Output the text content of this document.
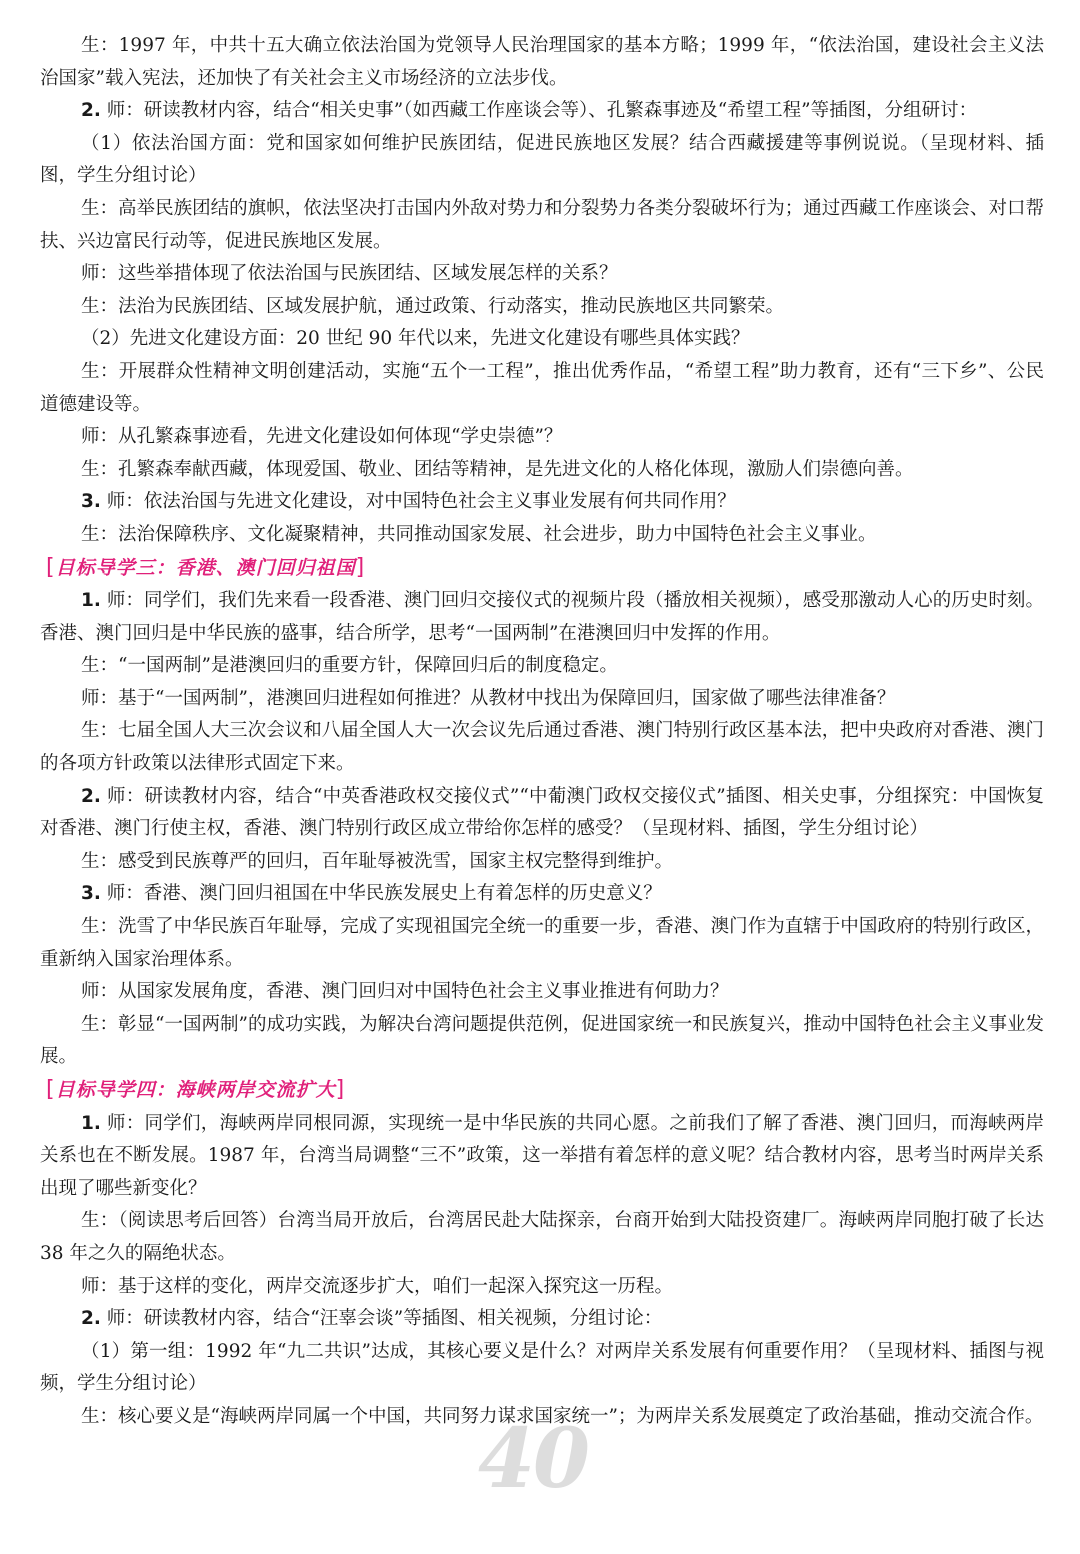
生：1997 年，中共十五大确立依法治国为党领导人民治理国家的基本方略；1999 年，“依法治国，建设社会主义法治国家”载入宪法，还加快了有关社会主义市场经济的立法步伐。

2. 师：研读教材内容，结合“相关史事”（如西藏工作座谈会等）、孔繁森事迹及“希望工程”等插图，分组研讨：

（1）依法治国方面：党和国家如何维护民族团结，促进民族地区发展？结合西藏援建等事例说说。（呈现材料、插图，学生分组讨论）

生：高举民族团结的旗帜，依法坚决打击国内外敌对势力和分裂势力各类分裂破坏行为；通过西藏工作座谈会、对口帮扶、兴边富民行动等，促进民族地区发展。

师：这些举措体现了依法治国与民族团结、区域发展怎样的关系？

生：法治为民族团结、区域发展护航，通过政策、行动落实，推动民族地区共同繁荣。

（2）先进文化建设方面：20 世纪 90 年代以来，先进文化建设有哪些具体实践？

生：开展群众性精神文明创建活动，实施“五个一工程”，推出优秀作品，“希望工程”助力教育，还有“三下乡”、公民道德建设等。

师：从孔繁森事迹看，先进文化建设如何体现“学史崇德”？

生：孔繁森奉献西藏，体现爱国、敬业、团结等精神，是先进文化的人格化体现，激励人们崇德向善。

3. 师：依法治国与先进文化建设，对中国特色社会主义事业发展有何共同作用？

生：法治保障秩序、文化凝聚精神，共同推动国家发展、社会进步，助力中国特色社会主义事业。

[目标导学三：香港、澳门回归祖国]

1. 师：同学们，我们先来看一段香港、澳门回归交接仪式的视频片段（播放相关视频），感受那激动人心的历史时刻。香港、澳门回归是中华民族的盛事，结合所学，思考“一国两制”在港澳回归中发挥的作用。

生：“一国两制”是港澳回归的重要方针，保障回归后的制度稳定。

师：基于“一国两制”，港澳回归进程如何推进？从教材中找出为保障回归，国家做了哪些法律准备？

生：七届全国人大三次会议和八届全国人大一次会议先后通过香港、澳门特别行政区基本法，把中央政府对香港、澳门的各项方针政策以法律形式固定下来。

2. 师：研读教材内容，结合“中英香港政权交接仪式”“中葡澳门政权交接仪式”插图、相关史事，分组探究：中国恢复对香港、澳门行使主权，香港、澳门特别行政区成立带给你怎样的感受？（呈现材料、插图，学生分组讨论）

生：感受到民族尊严的回归，百年耻辱被洗雪，国家主权完整得到维护。

3. 师：香港、澳门回归祖国在中华民族发展史上有着怎样的历史意义？

生：洗雪了中华民族百年耻辱，完成了实现祖国完全统一的重要一步，香港、澳门作为直辖于中国政府的特别行政区，重新纳入国家治理体系。

师：从国家发展角度，香港、澳门回归对中国特色社会主义事业推进有何助力？

生：彰显“一国两制”的成功实践，为解决台湾问题提供范例，促进国家统一和民族复兴，推动中国特色社会主义事业发展。

[目标导学四：海峡两岸交流扩大]

1. 师：同学们，海峡两岸同根同源，实现统一是中华民族的共同心愿。之前我们了解了香港、澳门回归，而海峡两岸关系也在不断发展。1987 年，台湾当局调整“三不”政策，这一举措有着怎样的意义呢？结合教材内容，思考当时两岸关系出现了哪些新变化？

生：（阅读思考后回答）台湾当局开放后，台湾居民赴大陆探亲，台商开始到大陆投资建厂。海峡两岸同胞打破了长达 38 年之久的隔绝状态。

师：基于这样的变化，两岸交流逐步扩大，咱们一起深入探究这一历程。

2. 师：研读教材内容，结合“汪辜会谈”等插图、相关视频，分组讨论：

（1）第一组：1992 年“九二共识”达成，其核心要义是什么？对两岸关系发展有何重要作用？（呈现材料、插图与视频，学生分组讨论）

生：核心要义是“海峡两岸同属一个中国，共同努力谋求国家统一”；为两岸关系发展奠定了政治基础，推动交流合作。

40
